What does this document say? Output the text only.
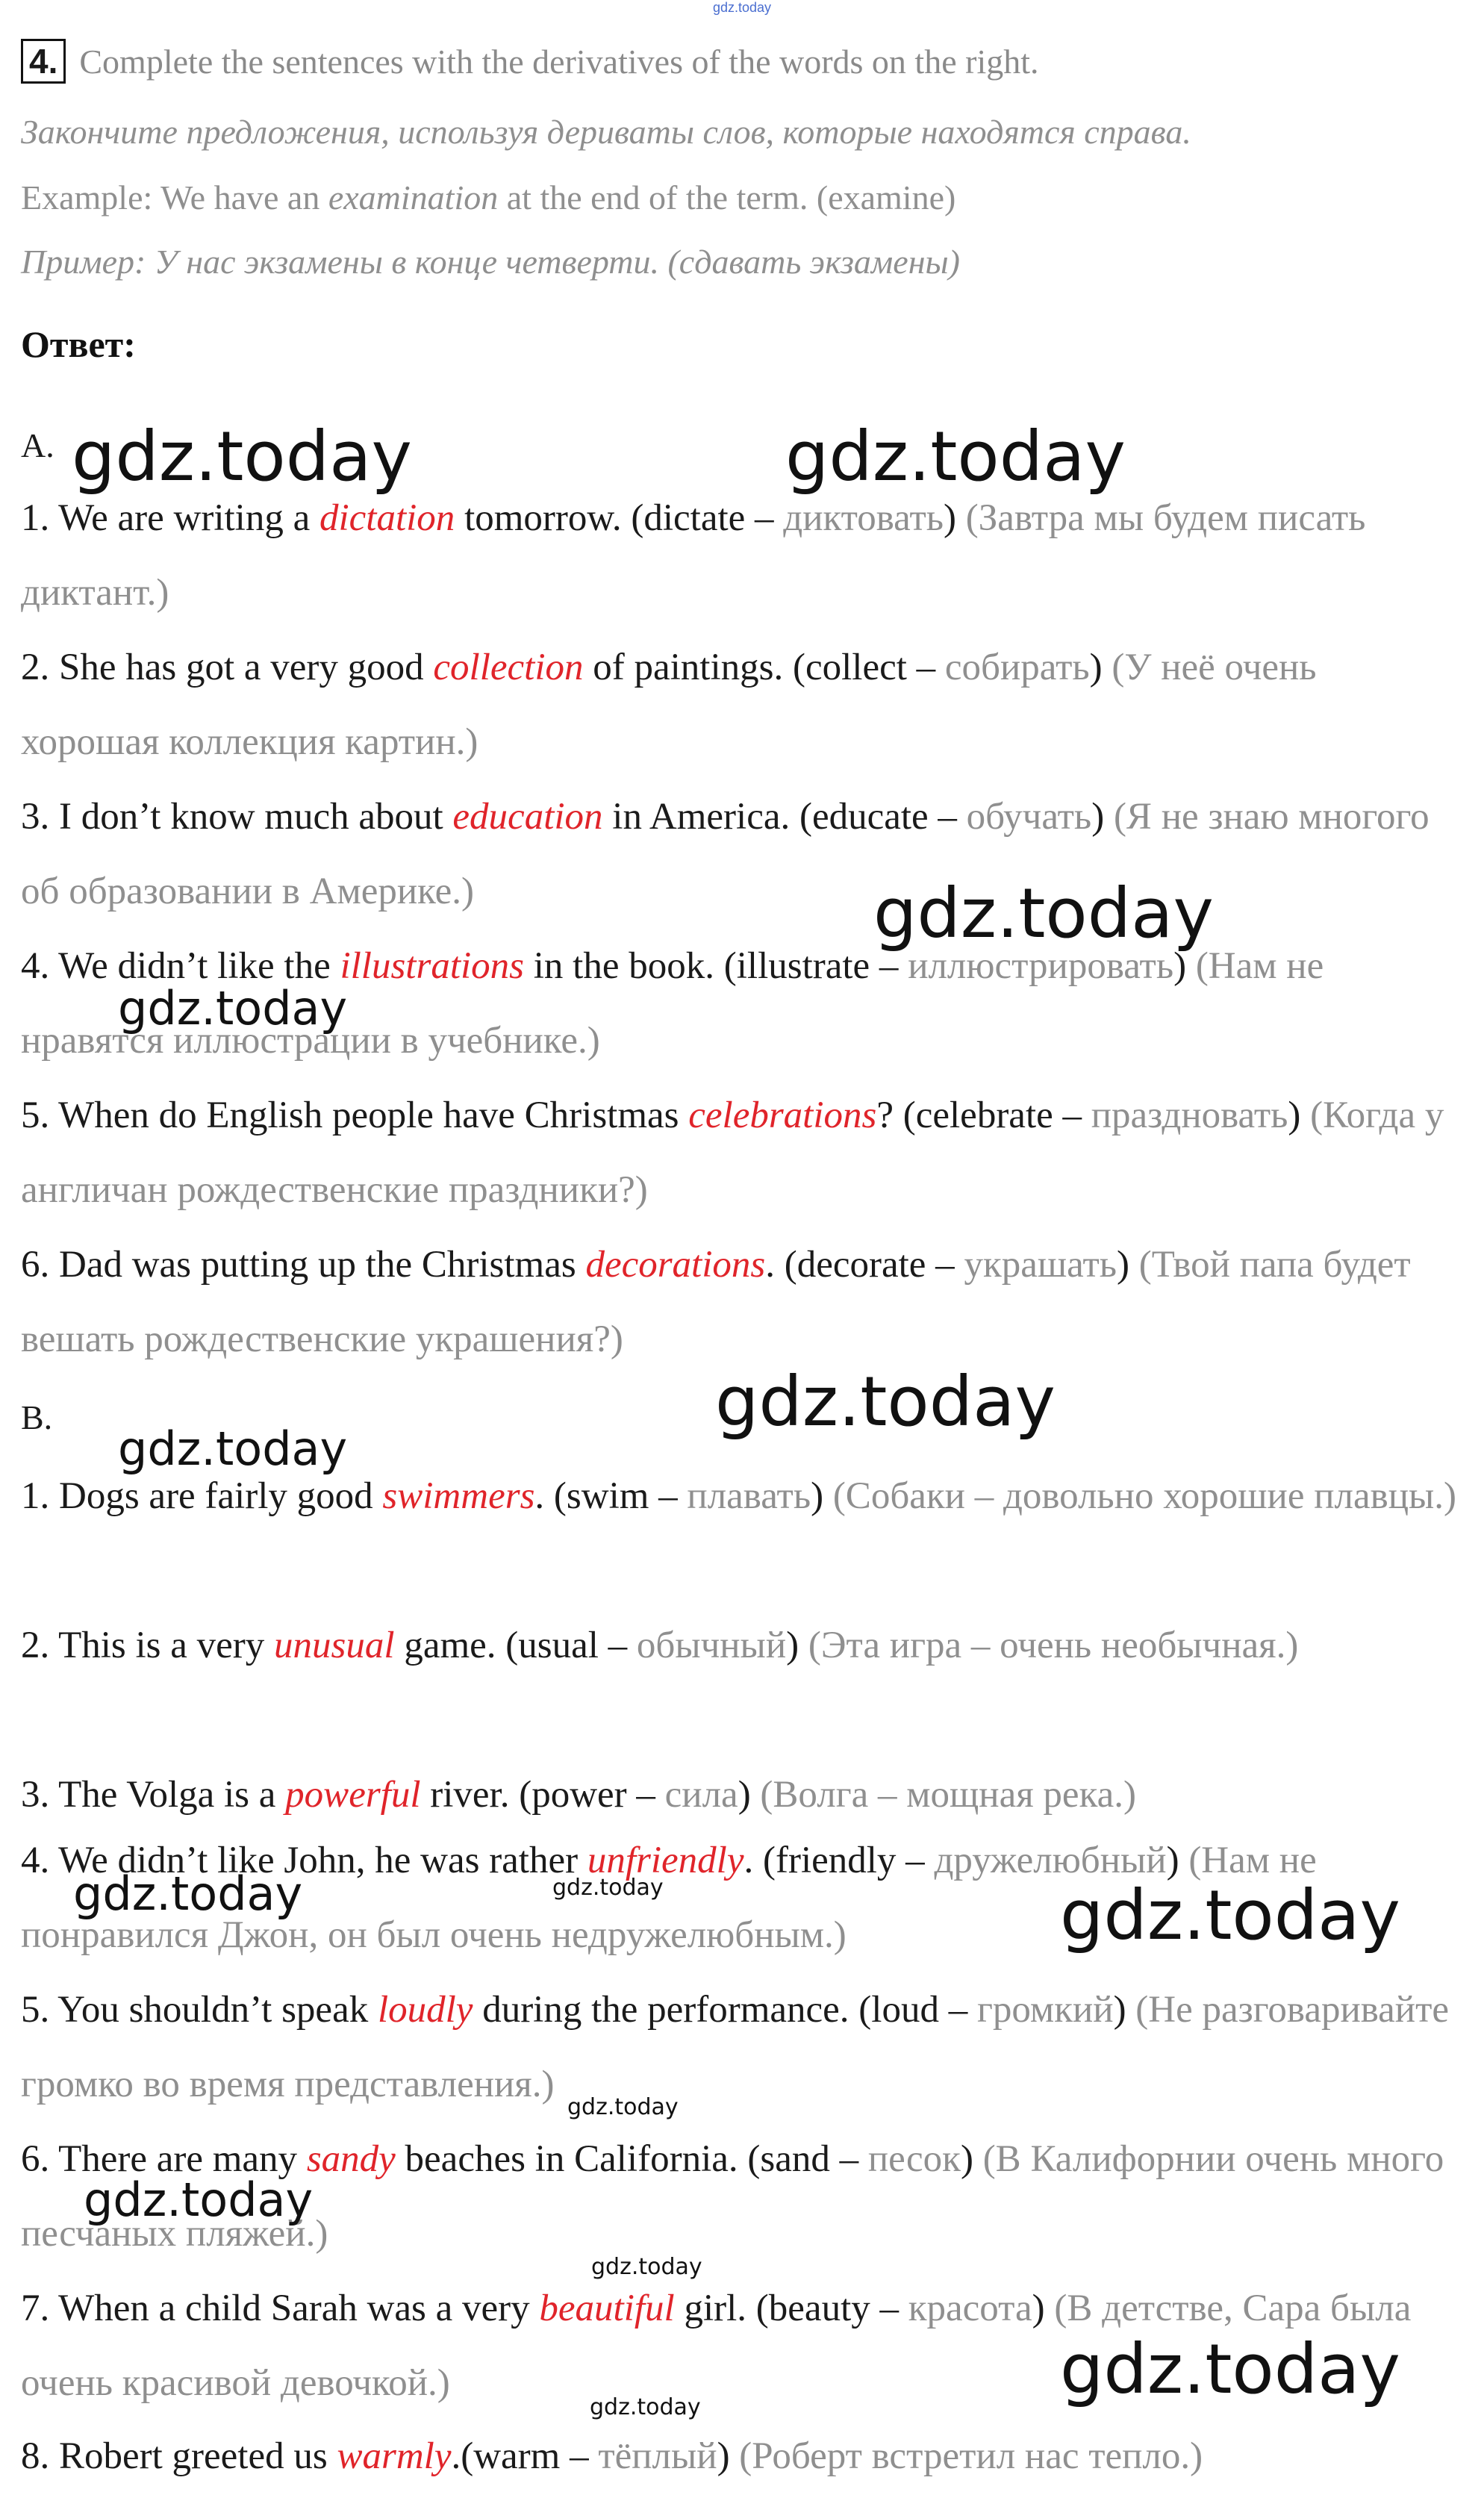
gdz.today
4. Complete the sentences with the derivatives of the words on the right.
Закончите предложения, используя дериваты слов, которые находятся справа.
Example: We have an examination at the end of the term. (examine)
Пример: У нас экзамены в конце четверти. (сдавать экзамены)
Ответ:
A.
1. We are writing a dictation tomorrow. (dictate – диктовать) (Завтра мы будем писать диктант.)
2. She has got a very good collection of paintings. (collect – собирать) (У неё очень хорошая коллекция картин.)
3. I don’t know much about education in America. (educate – обучать) (Я не знаю многого об образовании в Америке.)
4. We didn’t like the illustrations in the book. (illustrate – иллюстрировать) (Нам не нравятся иллюстрации в учебнике.)
5. When do English people have Christmas celebrations? (celebrate – праздновать) (Когда у англичан рождественские праздники?)
6. Dad was putting up the Christmas decorations. (decorate – украшать) (Твой папа будет вешать рождественские украшения?)
B.
1. Dogs are fairly good swimmers. (swim – плавать) (Собаки – довольно хорошие плавцы.)
2. This is a very unusual game. (usual – обычный) (Эта игра – очень необычная.)
3. The Volga is a powerful river. (power – сила) (Волга – мощная река.)
4. We didn’t like John, he was rather unfriendly. (friendly – дружелюбный) (Нам не понравился Джон, он был очень недружелюбным.)
5. You shouldn’t speak loudly during the performance. (loud – громкий) (Не разговаривайте громко во время представления.)
6. There are many sandy beaches in California. (sand – песок) (В Калифорнии очень много песчаных пляжей.)
7. When a child Sarah was a very beautiful girl. (beauty – красота) (В детстве, Сара была очень красивой девочкой.)
8. Robert greeted us warmly.(warm – тёплый) (Роберт встретил нас тепло.)
gdz.today	gdz.today
gdz.today
gdz.today
gdz.today
gdz.today
gdz.today	gdz.today	gdz.today
gdz.today
gdz.today
gdz.today
gdz.today
gdz.today
